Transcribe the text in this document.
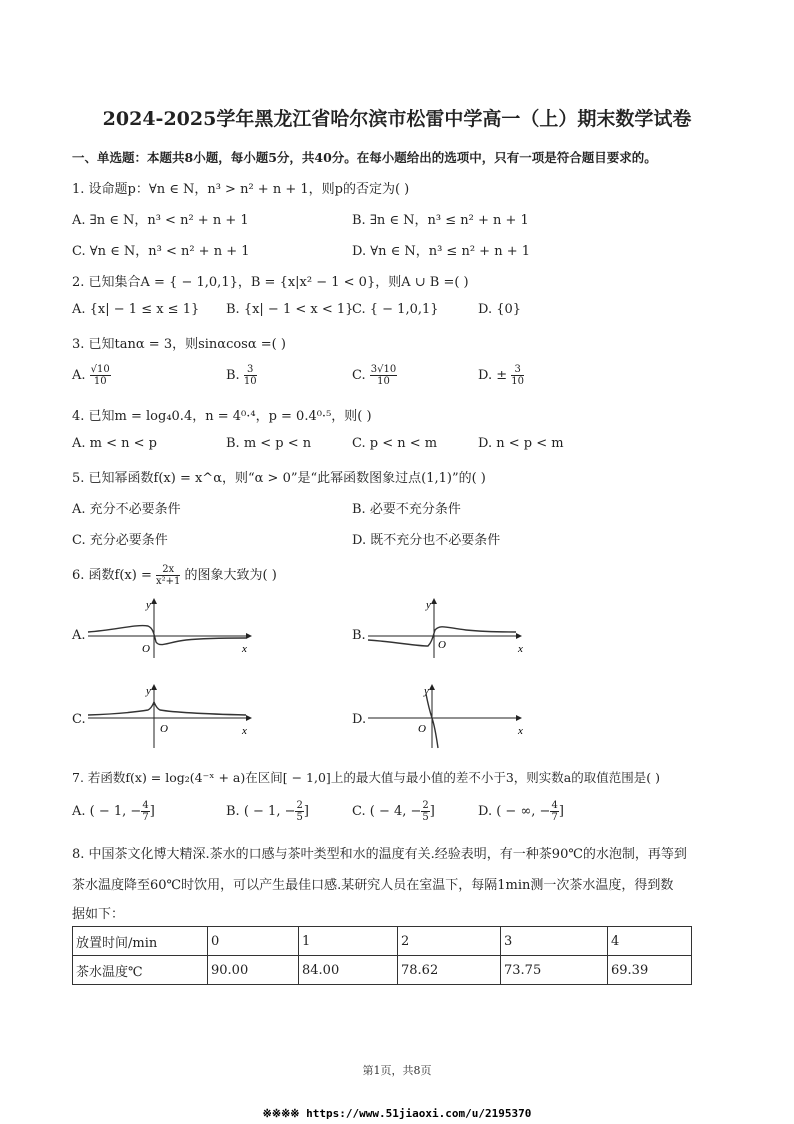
2024-2025学年黑龙江省哈尔滨市松雷中学高一（上）期末数学试卷
一、单选题：本题共8小题，每小题5分，共40分。在每小题给出的选项中，只有一项是符合题目要求的。
1. 设命题p：∀n ∈ N，n³ > n² + n + 1，则p的否定为( )
A. ∃n ∈ N，n³ < n² + n + 1	B. ∃n ∈ N，n³ ≤ n² + n + 1
C. ∀n ∈ N，n³ < n² + n + 1	D. ∀n ∈ N，n³ ≤ n² + n + 1
2. 已知集合A = { − 1,0,1}，B = {x|x² − 1 < 0}，则A ∪ B =( )
A. {x| − 1 ≤ x ≤ 1} B. {x| − 1 < x < 1}
C. { − 1,0,1}	D. {0}
3. 已知tanα = 3，则sinαcosα =( )
A. $\frac{√10}{10}$	B. $\frac{3}{10}$	C. $\frac{3√10}{10}$	D. ± $\frac{3}{10}$
4. 已知m = log₄0.4，n = 4⁰·⁴，p = 0.4⁰·⁵，则( )
A. m < n < p	B. m < p < n	C. p < n < m	D. n < p < m
5. 已知幂函数f(x) = x^α，则“α > 0”是“此幂函数图象过点(1,1)”的( )
A. 充分不必要条件	B. 必要不充分条件
C. 充分必要条件	D. 既不充分也不必要条件
6. 函数$f(x) = \frac{2x}{\text{x²+1}}$ 的图象大致为( )
A.
y
x
O
B.
y
x
O
C.
y
x
O
D.
y
x
O
7. 若函数f(x) = log₂(4⁻ˣ + a)在区间[ − 1,0]上的最大值与最小值的差不小于3，则实数a的取值范围是( )
A. ( − 1, − $\frac{4}{7}$ ]	B. ( − 1, − $\frac{2}{5}$ ]	C. ( − 4, − $\frac{2}{5}$ ]	D. ( − ∞, − $\frac{4}{7}$ ]
8. 中国茶文化博大精深.茶水的口感与茶叶类型和水的温度有关.经验表明，有一种茶90℃的水泡制，再等到
茶水温度降至60℃时饮用，可以产生最佳口感.某研究人员在室温下，每隔1min测一次茶水温度，得到数
据如下：
放置时间/min	0	1	2	3	4
茶水温度℃	90.00	84.00	78.62	73.75	69.39
第1页，共8页
※※※※ https://www.51jiaoxi.com/u/2195370
